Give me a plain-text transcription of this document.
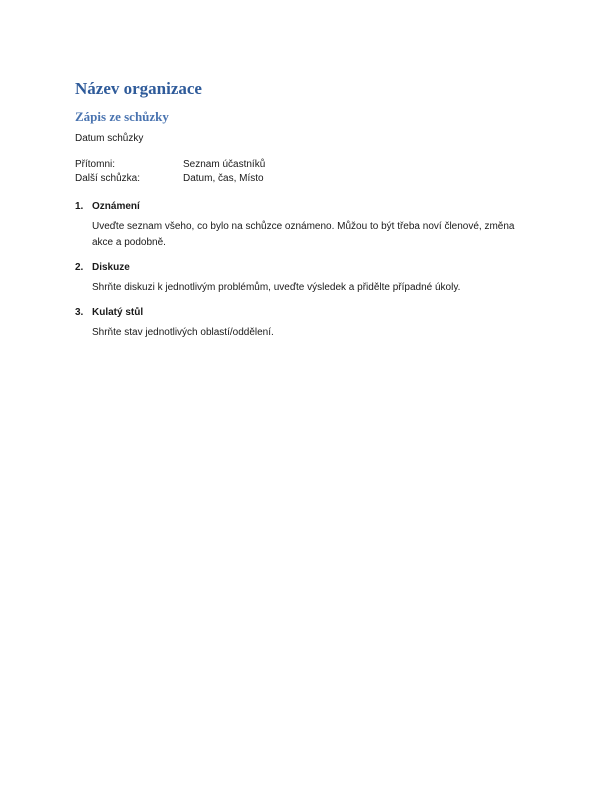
Název organizace
Zápis ze schůzky

Datum schůzky

Přítomni:	Seznam účastníků
Další schůzka:	Datum, čas, Místo
1. Oznámení

Uveďte seznam všeho, co bylo na schůzce oznámeno. Můžou to být třeba noví členové, změna akce a podobně.

2. Diskuze

Shrňte diskuzi k jednotlivým problémům, uveďte výsledek a přidělte případné úkoly.

3. Kulatý stůl

Shrňte stav jednotlivých oblastí/oddělení.
